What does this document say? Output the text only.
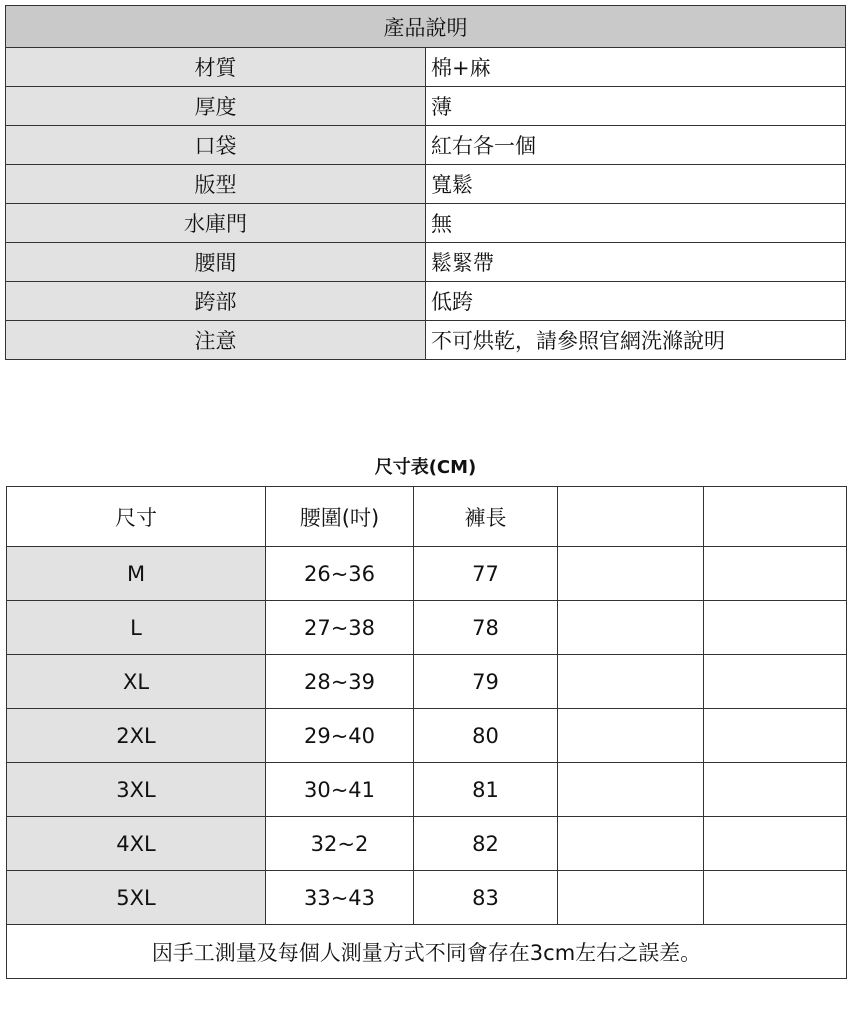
產品說明	
材質	棉+麻
厚度	薄
口袋	紅右各一個
版型	寬鬆
水庫門	無
腰間	鬆緊帶
跨部	低跨
注意	不可烘乾，請參照官網洗滌說明
尺寸表(CM)
尺寸	腰圍(吋)	褲長		
M	26~36	77		
L	27~38	78		
XL	28~39	79		
2XL	29~40	80		
3XL	30~41	81		
4XL	32~2	82		
5XL	33~43	83		
因手工測量及每個人測量方式不同會存在3cm左右之誤差。				
